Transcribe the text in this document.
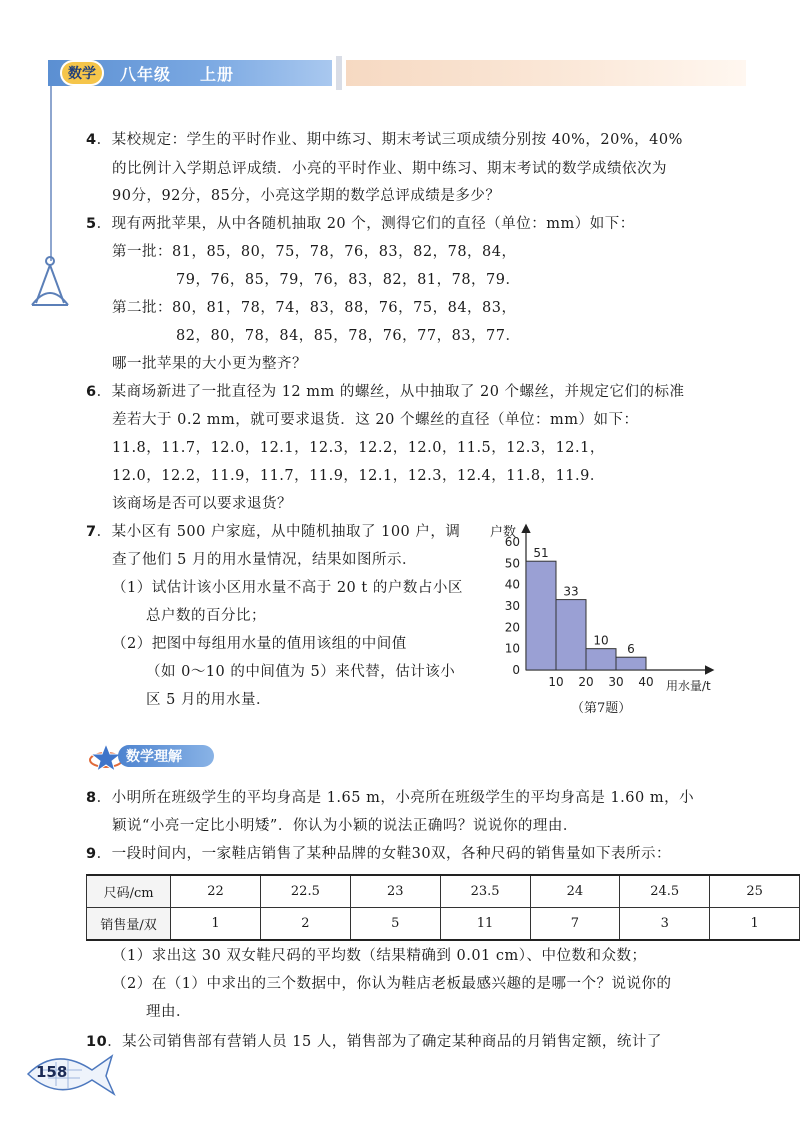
数学	八年级 上册
4．某校规定：学生的平时作业、期中练习、期末考试三项成绩分别按 40%，20%，40%
的比例计入学期总评成绩．小亮的平时作业、期中练习、期末考试的数学成绩依次为
90分，92分，85分，小亮这学期的数学总评成绩是多少？
5．现有两批苹果，从中各随机抽取 20 个，测得它们的直径（单位：mm）如下：
第一批：81，85，80，75，78，76，83，82，78，84，
79，76，85，79，76，83，82，81，78，79．
第二批：80，81，78，74，83，88，76，75，84，83，
82，80，78，84，85，78，76，77，83，77．
哪一批苹果的大小更为整齐？
6．某商场新进了一批直径为 12 mm 的螺丝，从中抽取了 20 个螺丝，并规定它们的标准
差若大于 0.2 mm，就可要求退货．这 20 个螺丝的直径（单位：mm）如下：
11.8，11.7，12.0，12.1，12.3，12.2，12.0，11.5，12.3，12.1，
12.0，12.2，11.9，11.7，11.9，12.1，12.3，12.4，11.8，11.9．
该商场是否可以要求退货？
7．某小区有 500 户家庭，从中随机抽取了 100 户，调
查了他们 5 月的用水量情况，结果如图所示．
（1）试估计该小区用水量不高于 20 t 的户数占小区
总户数的百分比；
（2）把图中每组用水量的值用该组的中间值
（如 0～10 的中间值为 5）来代替，估计该小
区 5 月的用水量．
户数
用水量/t
0
10
20
30
40
50
60
10 20 30 40
51
33
10
6
（第7题）
数学理解
8．小明所在班级学生的平均身高是 1.65 m，小亮所在班级学生的平均身高是 1.60 m，小
颖说“小亮一定比小明矮”．你认为小颖的说法正确吗？说说你的理由．
9．一段时间内，一家鞋店销售了某种品牌的女鞋30双，各种尺码的销售量如下表所示：
尺码/cm	22	22.5	23	23.5	24	24.5	25
销售量/双	1	2	5	11	7	3	1
（1）求出这 30 双女鞋尺码的平均数（结果精确到 0.01 cm）、中位数和众数；
（2）在（1）中求出的三个数据中，你认为鞋店老板最感兴趣的是哪一个？说说你的
理由．
10．某公司销售部有营销人员 15 人，销售部为了确定某种商品的月销售定额，统计了
158
